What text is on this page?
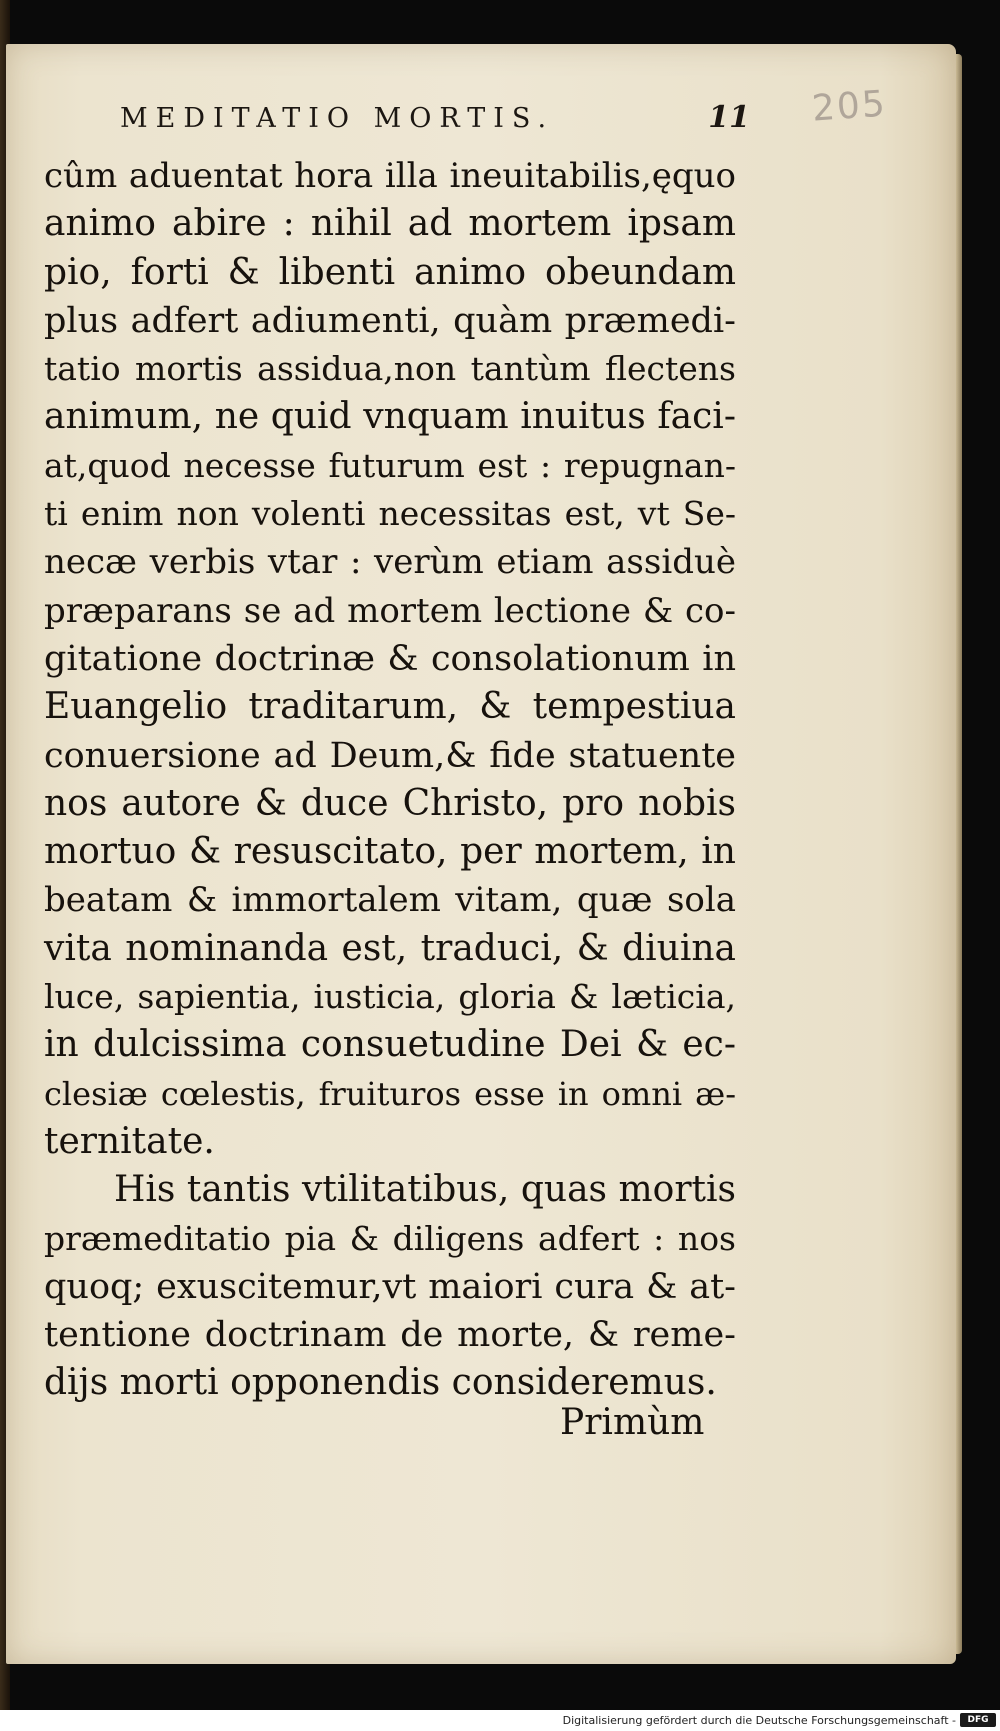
MEDITATIO MORTIS.	11 205
cûm aduentat hora illa ineuitabilis,ęquo
animo abire : nihil ad mortem ipsam
pio, forti & libenti animo obeundam
plus adfert adiumenti, quàm præmedi-
tatio mortis assidua,non tantùm flectens
animum, ne quid vnquam inuitus faci-
at,quod necesse futurum est : repugnan-
ti enim non volenti necessitas est, vt Se-
necæ verbis vtar : verùm etiam assiduè
præparans se ad mortem lectione & co-
gitatione doctrinæ & consolationum in
Euangelio traditarum, & tempestiua
conuersione ad Deum,& fide statuente
nos autore & duce Christo, pro nobis
mortuo & resuscitato, per mortem, in
beatam & immortalem vitam, quæ sola
vita nominanda est, traduci, & diuina
luce, sapientia, iusticia, gloria & læticia,
in dulcissima consuetudine Dei & ec-
clesiæ cœlestis, fruituros esse in omni æ-
ternitate.
His tantis vtilitatibus, quas mortis
præmeditatio pia & diligens adfert : nos
quoq; exuscitemur,vt maiori cura & at-
tentione doctrinam de morte, & reme-
dijs morti opponendis consideremus.
Primùm
Digitalisierung gefördert durch die Deutsche Forschungsgemeinschaft -	DFG
